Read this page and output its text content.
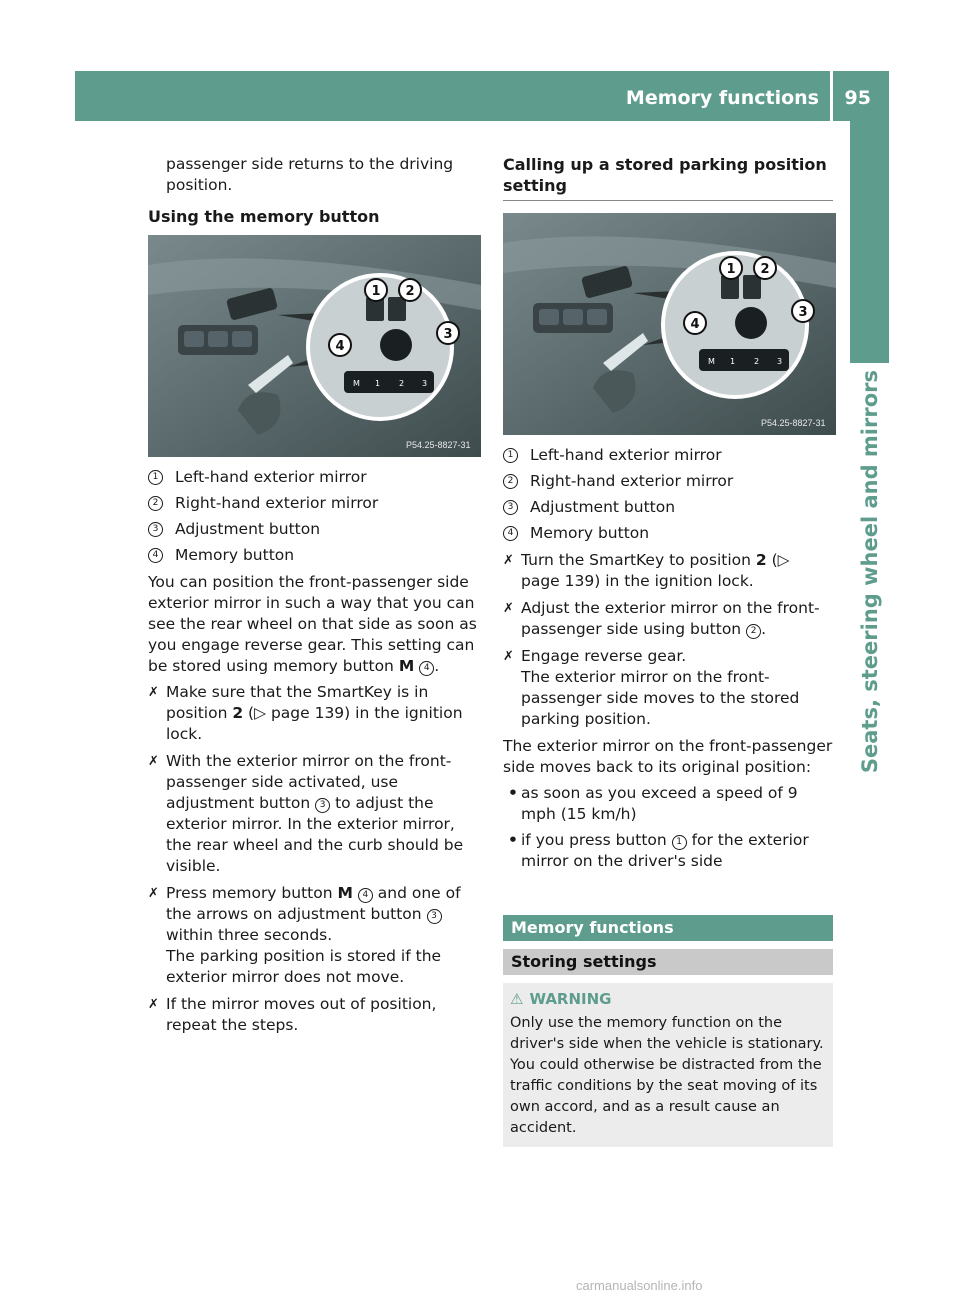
Memory functions 95
Seats, steering wheel and mirrors

passenger side returns to the driving position.

Using the memory button

M 1 2 3
1 2
3
4
P54.25-8827-31
1 Left-hand exterior mirror
2 Right-hand exterior mirror
3 Adjustment button
4 Memory button

You can position the front-passenger side exterior mirror in such a way that you can see the rear wheel on that side as soon as you engage reverse gear. This setting can be stored using memory button M 4 .

✗ Make sure that the SmartKey is in position 2 (▷ page 139) in the ignition lock.
✗ With the exterior mirror on the front-passenger side activated, use adjustment button 3 to adjust the exterior mirror. In the exterior mirror, the rear wheel and the curb should be visible.
✗ Press memory button M 4 and one of the arrows on adjustment button 3 within three seconds.
The parking position is stored if the exterior mirror does not move.
✗ If the mirror moves out of position, repeat the steps.

Calling up a stored parking position setting

M 1 2 3
1 2
3
4
P54.25-8827-31
1 Left-hand exterior mirror
2 Right-hand exterior mirror
3 Adjustment button
4 Memory button
✗ Turn the SmartKey to position 2 (▷ page 139) in the ignition lock.
✗ Adjust the exterior mirror on the front-passenger side using button 2 .
✗ Engage reverse gear.
The exterior mirror on the front-passenger side moves to the stored parking position.

The exterior mirror on the front-passenger side moves back to its original position:

• as soon as you exceed a speed of 9 mph (15 km/h)
• if you press button 1 for the exterior mirror on the driver's side
Memory functions
Storing settings
⚠ WARNING
Only use the memory function on the driver's side when the vehicle is stationary. You could otherwise be distracted from the traffic conditions by the seat moving of its own accord, and as a result cause an accident.
carmanualsonline.info
